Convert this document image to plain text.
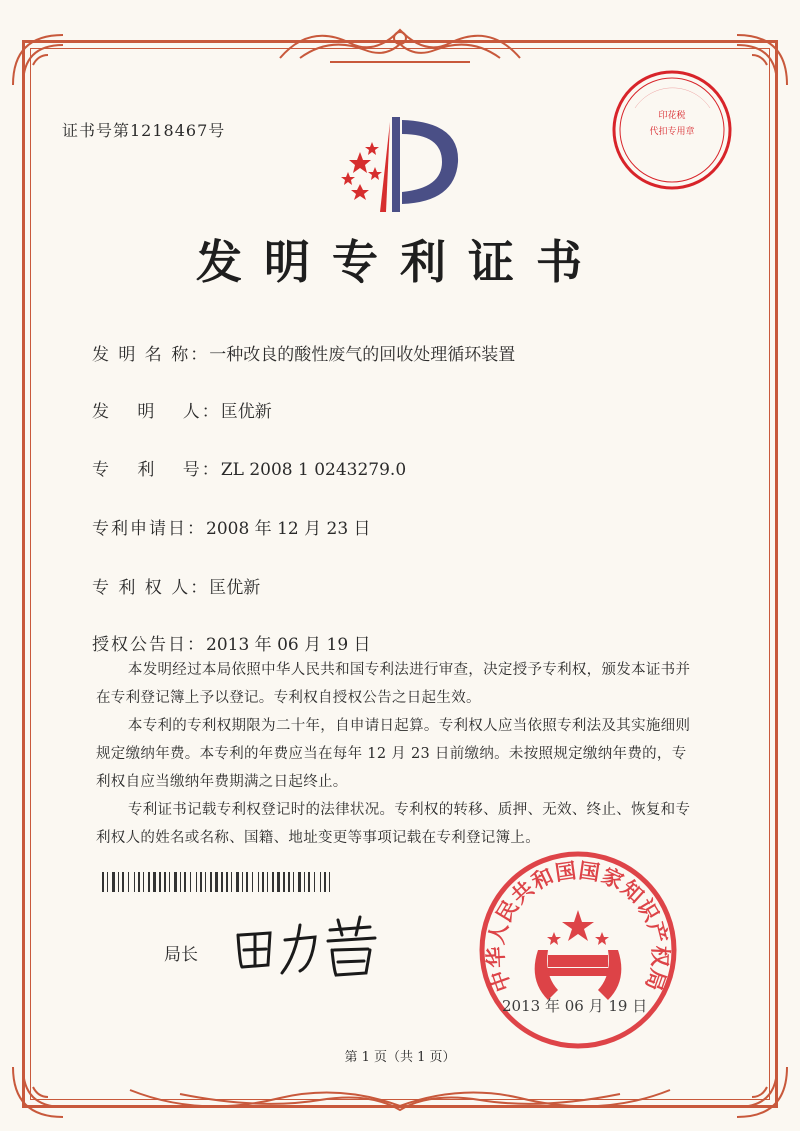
证书号第1218467号
印花税
代扣专用章
发明专利证书
发 明 名 称：一种改良的酸性废气的回收处理循环装置
发　 明　 人：匡优新
专　 利　 号：ZL 2008 1 0243279.0
专利申请日：2008 年 12 月 23 日
专 利 权 人：匡优新
授权公告日：2013 年 06 月 19 日

本发明经过本局依照中华人民共和国专利法进行审查，决定授予专利权，颁发本证书并在专利登记簿上予以登记。专利权自授权公告之日起生效。

本专利的专利权期限为二十年，自申请日起算。专利权人应当依照专利法及其实施细则规定缴纳年费。本专利的年费应当在每年 12 月 23 日前缴纳。未按照规定缴纳年费的，专利权自应当缴纳年费期满之日起终止。

专利证书记载专利权登记时的法律状况。专利权的转移、质押、无效、终止、恢复和专利权人的姓名或名称、国籍、地址变更等事项记载在专利登记簿上。

局长
中华人民共和国国家知识产权局
2013 年 06 月 19 日
第 1 页（共 1 页）
